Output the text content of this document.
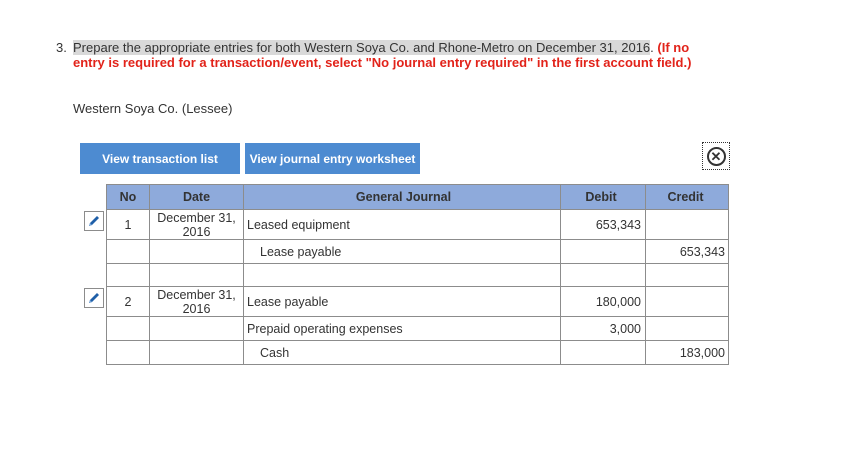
3. Prepare the appropriate entries for both Western Soya Co. and Rhone-Metro on December 31, 2016. (If no entry is required for a transaction/event, select "No journal entry required" in the first account field.)
Western Soya Co. (Lessee)
View transaction list	View journal entry worksheet	✕
No	Date	General Journal	Debit	Credit
1	December 31, 2016	Leased equipment	653,343	
		Lease payable		653,343

2	December 31, 2016	Lease payable	180,000	
		Prepaid operating expenses	3,000	
		Cash		183,000
